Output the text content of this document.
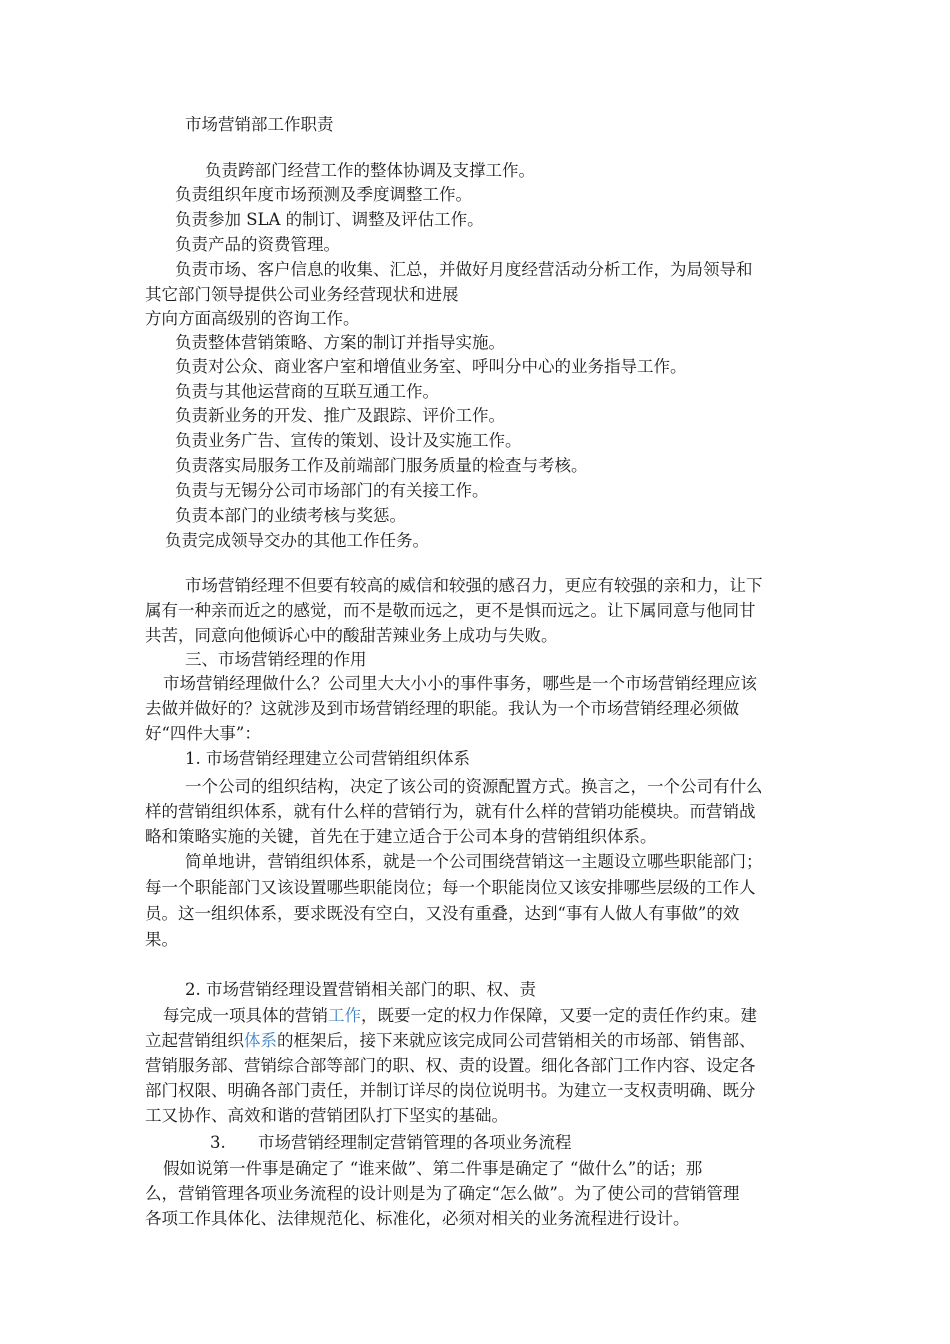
市场营销部工作职责
负责跨部门经营工作的整体协调及支撑工作。
负责组织年度市场预测及季度调整工作。
负责参加 SLA 的制订、调整及评估工作。
负责产品的资费管理。
负责市场、客户信息的收集、汇总，并做好月度经营活动分析工作，为局领导和
其它部门领导提供公司业务经营现状和进展
方向方面高级别的咨询工作。
负责整体营销策略、方案的制订并指导实施。
负责对公众、商业客户室和增值业务室、呼叫分中心的业务指导工作。
负责与其他运营商的互联互通工作。
负责新业务的开发、推广及跟踪、评价工作。
负责业务广告、宣传的策划、设计及实施工作。
负责落实局服务工作及前端部门服务质量的检查与考核。
负责与无锡分公司市场部门的有关接工作。
负责本部门的业绩考核与奖惩。
负责完成领导交办的其他工作任务。
市场营销经理不但要有较高的威信和较强的感召力，更应有较强的亲和力，让下
属有一种亲而近之的感觉，而不是敬而远之，更不是惧而远之。让下属同意与他同甘
共苦，同意向他倾诉心中的酸甜苦辣业务上成功与失败。
三、市场营销经理的作用
市场营销经理做什么？公司里大大小小的事件事务，哪些是一个市场营销经理应该
去做并做好的？这就涉及到市场营销经理的职能。我认为一个市场营销经理必须做
好“四件大事”：
1. 市场营销经理建立公司营销组织体系
一个公司的组织结构，决定了该公司的资源配置方式。换言之，一个公司有什么
样的营销组织体系，就有什么样的营销行为，就有什么样的营销功能模块。而营销战
略和策略实施的关键，首先在于建立适合于公司本身的营销组织体系。
简单地讲，营销组织体系，就是一个公司围绕营销这一主题设立哪些职能部门；
每一个职能部门又该设置哪些职能岗位；每一个职能岗位又该安排哪些层级的工作人
员。这一组织体系，要求既没有空白，又没有重叠，达到“事有人做人有事做”的效
果。
2. 市场营销经理设置营销相关部门的职、权、责
每完成一项具体的营销工作，既要一定的权力作保障，又要一定的责任作约束。建
立起营销组织体系的框架后，接下来就应该完成同公司营销相关的市场部、销售部、
营销服务部、营销综合部等部门的职、权、责的设置。细化各部门工作内容、设定各
部门权限、明确各部门责任，并制订详尽的岗位说明书。为建立一支权责明确、既分
工又协作、高效和谐的营销团队打下坚实的基础。
3. 市场营销经理制定营销管理的各项业务流程
假如说第一件事是确定了 “谁来做”、第二件事是确定了 “做什么”的话；那
么，营销管理各项业务流程的设计则是为了确定“怎么做”。为了使公司的营销管理
各项工作具体化、法律规范化、标准化，必须对相关的业务流程进行设计。
